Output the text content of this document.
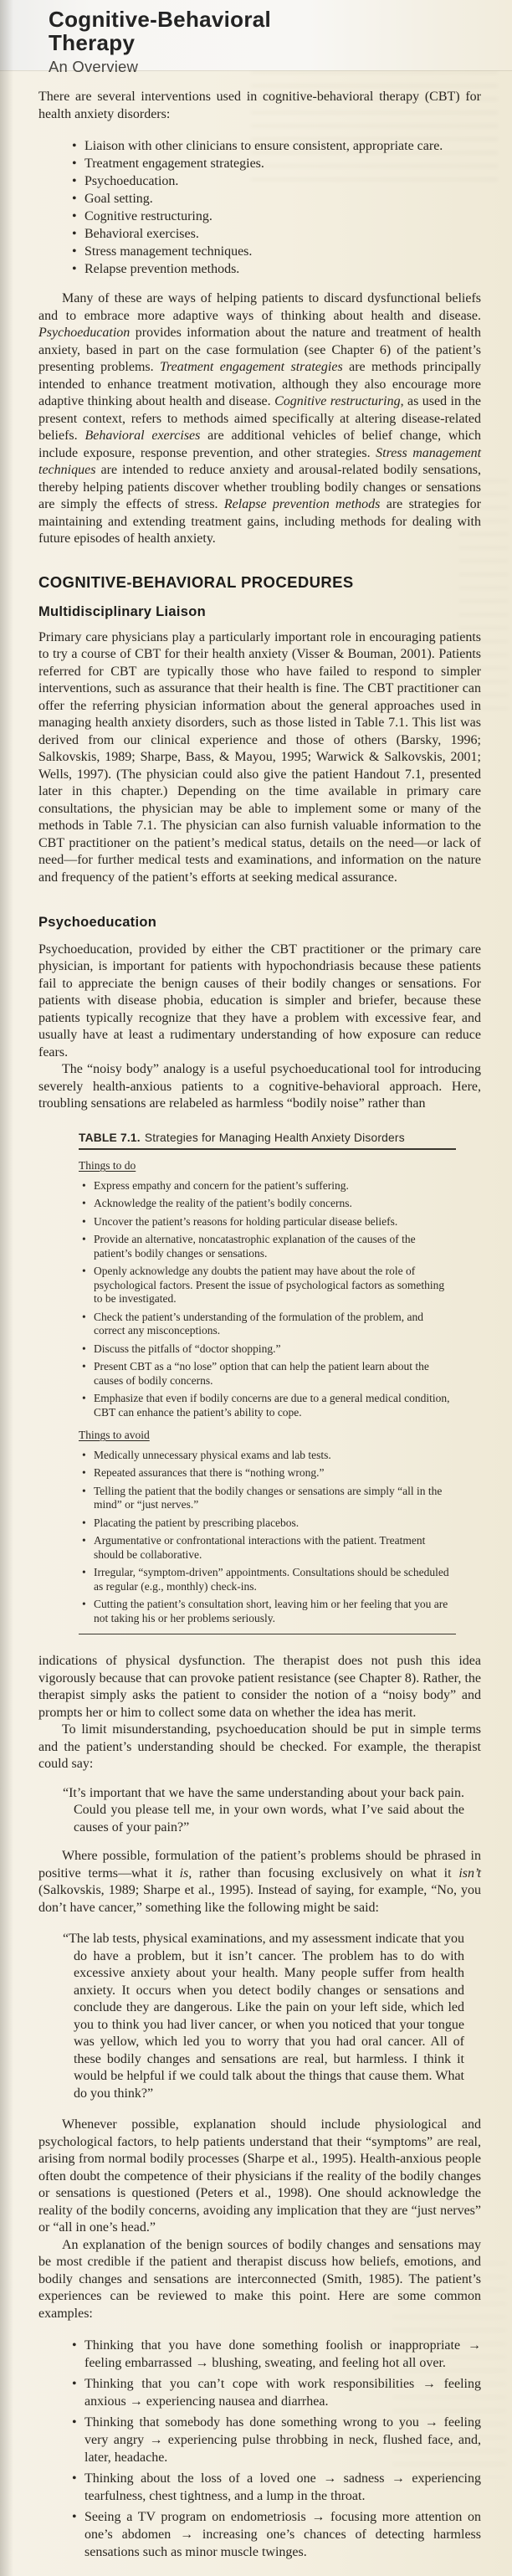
Cognitive-Behavioral
Therapy
An Overview

There are several interventions used in cognitive-behavioral therapy (CBT) for health anxiety disorders:

• Liaison with other clinicians to ensure consistent, appropriate care.
• Treatment engagement strategies.
• Psychoeducation.
• Goal setting.
• Cognitive restructuring.
• Behavioral exercises.
• Stress management techniques.
• Relapse prevention methods.

Many of these are ways of helping patients to discard dysfunctional beliefs and to embrace more adaptive ways of thinking about health and disease. Psychoeducation provides information about the nature and treatment of health anxiety, based in part on the case formulation (see Chapter 6) of the patient’s presenting problems. Treatment engagement strategies are methods principally intended to enhance treatment motivation, although they also encourage more adaptive thinking about health and disease. Cognitive restructuring, as used in the present context, refers to methods aimed specifically at altering disease-related beliefs. Behavioral exercises are additional vehicles of belief change, which include exposure, response prevention, and other strategies. Stress management techniques are intended to reduce anxiety and arousal-related bodily sensations, thereby helping patients discover whether troubling bodily changes or sensations are simply the effects of stress. Relapse prevention methods are strategies for maintaining and extending treatment gains, including methods for dealing with future episodes of health anxiety.

COGNITIVE-BEHAVIORAL PROCEDURES
Multidisciplinary Liaison

Primary care physicians play a particularly important role in encouraging patients to try a course of CBT for their health anxiety (Visser & Bouman, 2001). Patients referred for CBT are typically those who have failed to respond to simpler interventions, such as assurance that their health is fine. The CBT practitioner can offer the referring physician information about the general approaches used in managing health anxiety disorders, such as those listed in Table 7.1. This list was derived from our clinical experience and those of others (Barsky, 1996; Salkovskis, 1989; Sharpe, Bass, & Mayou, 1995; Warwick & Salkovskis, 2001; Wells, 1997). (The physician could also give the patient Handout 7.1, presented later in this chapter.) Depending on the time available in primary care consultations, the physician may be able to implement some or many of the methods in Table 7.1. The physician can also furnish valuable information to the CBT practitioner on the patient’s medical status, details on the need—or lack of need—for further medical tests and examinations, and information on the nature and frequency of the patient’s efforts at seeking medical assurance.

Psychoeducation

Psychoeducation, provided by either the CBT practitioner or the primary care physician, is important for patients with hypochondriasis because these patients fail to appreciate the benign causes of their bodily changes or sensations. For patients with disease phobia, education is simpler and briefer, because these patients typically recognize that they have a problem with excessive fear, and usually have at least a rudimentary understanding of how exposure can reduce fears.

The “noisy body” analogy is a useful psychoeducational tool for introducing severely health-anxious patients to a cognitive-behavioral approach. Here, troubling sensations are relabeled as harmless “bodily noise” rather than

TABLE 7.1. Strategies for Managing Health Anxiety Disorders
Things to do
• Express empathy and concern for the patient’s suffering.
• Acknowledge the reality of the patient’s bodily concerns.
• Uncover the patient’s reasons for holding particular disease beliefs.
• Provide an alternative, noncatastrophic explanation of the causes of the patient’s bodily changes or sensations.
• Openly acknowledge any doubts the patient may have about the role of psychological factors. Present the issue of psychological factors as something to be investigated.
• Check the patient’s understanding of the formulation of the problem, and correct any misconceptions.
• Discuss the pitfalls of “doctor shopping.”
• Present CBT as a “no lose” option that can help the patient learn about the causes of bodily concerns.
• Emphasize that even if bodily concerns are due to a general medical condition, CBT can enhance the patient’s ability to cope.
Things to avoid
• Medically unnecessary physical exams and lab tests.
• Repeated assurances that there is “nothing wrong.”
• Telling the patient that the bodily changes or sensations are simply “all in the mind” or “just nerves.”
• Placating the patient by prescribing placebos.
• Argumentative or confrontational interactions with the patient. Treatment should be collaborative.
• Irregular, “symptom-driven” appointments. Consultations should be scheduled as regular (e.g., monthly) check-ins.
• Cutting the patient’s consultation short, leaving him or her feeling that you are not taking his or her problems seriously.

indications of physical dysfunction. The therapist does not push this idea vigorously because that can provoke patient resistance (see Chapter 8). Rather, the therapist simply asks the patient to consider the notion of a “noisy body” and prompts her or him to collect some data on whether the idea has merit.

To limit misunderstanding, psychoeducation should be put in simple terms and the patient’s understanding should be checked. For example, the therapist could say:

“It’s important that we have the same understanding about your back pain. Could you please tell me, in your own words, what I’ve said about the causes of your pain?”

Where possible, formulation of the patient’s problems should be phrased in positive terms—what it is, rather than focusing exclusively on what it isn’t (Salkovskis, 1989; Sharpe et al., 1995). Instead of saying, for example, “No, you don’t have cancer,” something like the following might be said:

“The lab tests, physical examinations, and my assessment indicate that you do have a problem, but it isn’t cancer. The problem has to do with excessive anxiety about your health. Many people suffer from health anxiety. It occurs when you detect bodily changes or sensations and conclude they are dangerous. Like the pain on your left side, which led you to think you had liver cancer, or when you noticed that your tongue was yellow, which led you to worry that you had oral cancer. All of these bodily changes and sensations are real, but harmless. I think it would be helpful if we could talk about the things that cause them. What do you think?”

Whenever possible, explanation should include physiological and psychological factors, to help patients understand that their “symptoms” are real, arising from normal bodily processes (Sharpe et al., 1995). Health-anxious people often doubt the competence of their physicians if the reality of the bodily changes or sensations is questioned (Peters et al., 1998). One should acknowledge the reality of the bodily concerns, avoiding any implication that they are “just nerves” or “all in one’s head.”

An explanation of the benign sources of bodily changes and sensations may be most credible if the patient and therapist discuss how beliefs, emotions, and bodily changes and sensations are interconnected (Smith, 1985). The patient’s experiences can be reviewed to make this point. Here are some common examples:

• Thinking that you have done something foolish or inappropriate → feeling embarrassed → blushing, sweating, and feeling hot all over.
• Thinking that you can’t cope with work responsibilities → feeling anxious → experiencing nausea and diarrhea.
• Thinking that somebody has done something wrong to you → feeling very angry → experiencing pulse throbbing in neck, flushed face, and, later, headache.
• Thinking about the loss of a loved one → sadness → experiencing tearfulness, chest tightness, and a lump in the throat.
• Seeing a TV program on endometriosis → focusing more attention on one’s abdomen → increasing one’s chances of detecting harmless sensations such as minor muscle twinges.
